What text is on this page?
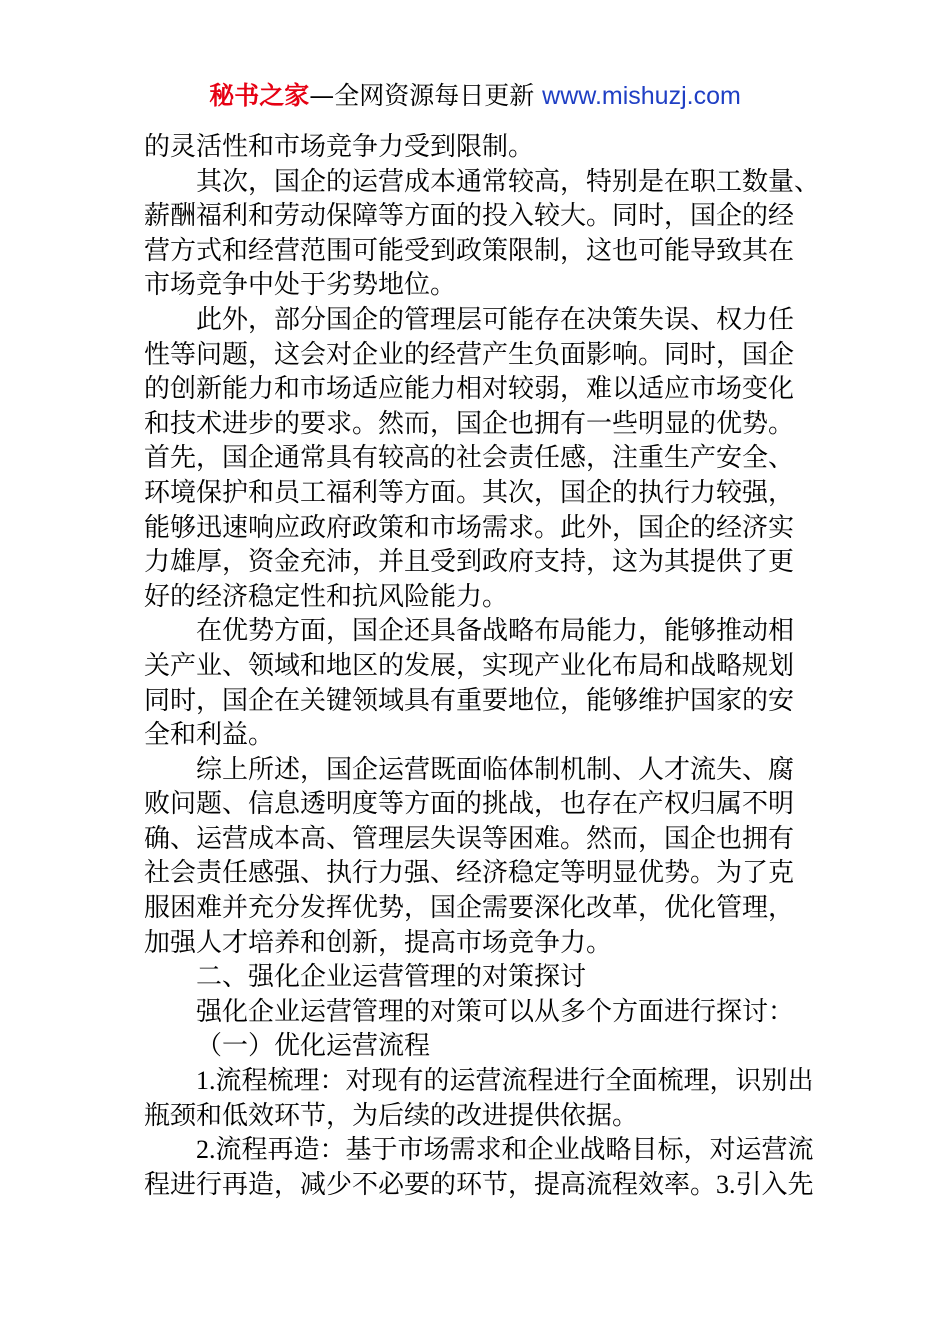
秘书之家—全网资源每日更新 www.mishuzj.com

的灵活性和市场竞争力受到限制。

其次，国企的运营成本通常较高，特别是在职工数量、

薪酬福利和劳动保障等方面的投入较大。同时，国企的经

营方式和经营范围可能受到政策限制，这也可能导致其在

市场竞争中处于劣势地位。

此外，部分国企的管理层可能存在决策失误、权力任

性等问题，这会对企业的经营产生负面影响。同时，国企

的创新能力和市场适应能力相对较弱，难以适应市场变化

和技术进步的要求。然而，国企也拥有一些明显的优势。

首先，国企通常具有较高的社会责任感，注重生产安全、

环境保护和员工福利等方面。其次，国企的执行力较强，

能够迅速响应政府政策和市场需求。此外，国企的经济实

力雄厚，资金充沛，并且受到政府支持，这为其提供了更

好的经济稳定性和抗风险能力。

在优势方面，国企还具备战略布局能力，能够推动相

关产业、领域和地区的发展，实现产业化布局和战略规划

同时，国企在关键领域具有重要地位，能够维护国家的安

全和利益。

综上所述，国企运营既面临体制机制、人才流失、腐

败问题、信息透明度等方面的挑战，也存在产权归属不明

确、运营成本高、管理层失误等困难。然而，国企也拥有

社会责任感强、执行力强、经济稳定等明显优势。为了克

服困难并充分发挥优势，国企需要深化改革，优化管理，

加强人才培养和创新，提高市场竞争力。

二、强化企业运营管理的对策探讨

强化企业运营管理的对策可以从多个方面进行探讨：

（一）优化运营流程

1.流程梳理：对现有的运营流程进行全面梳理，识别出

瓶颈和低效环节，为后续的改进提供依据。

2.流程再造：基于市场需求和企业战略目标，对运营流

程进行再造，减少不必要的环节，提高流程效率。3.引入先
